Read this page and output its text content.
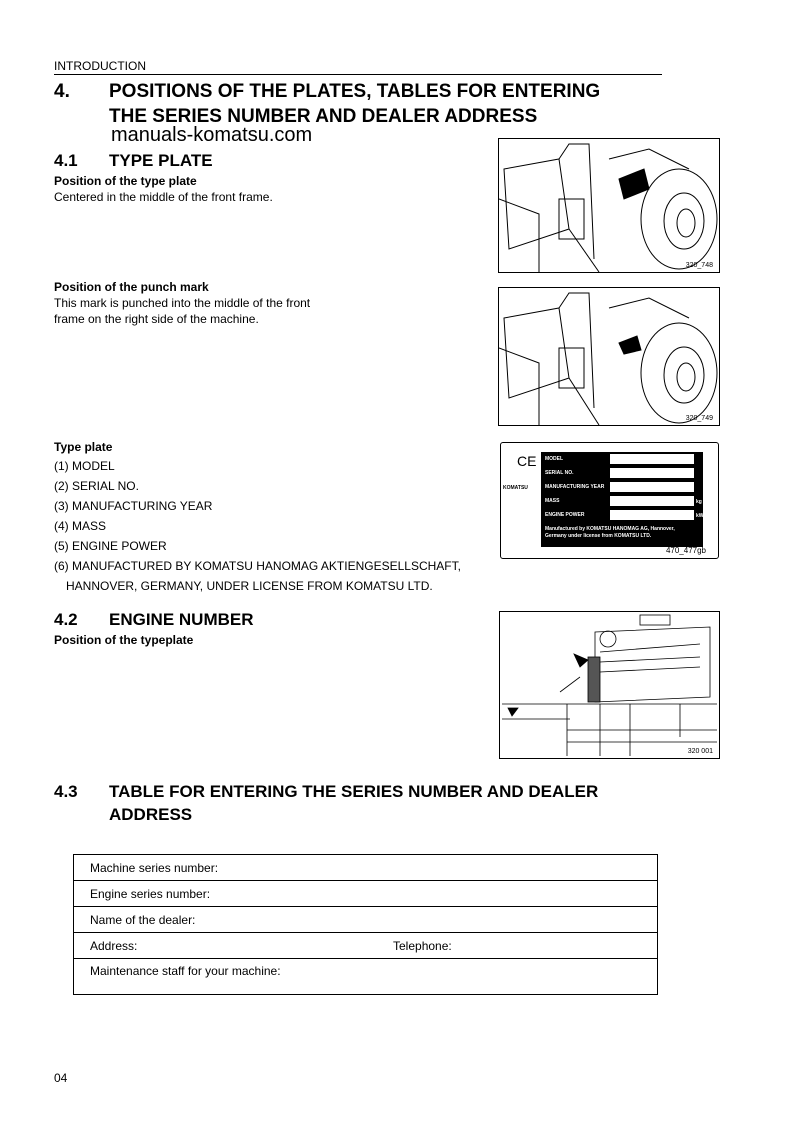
INTRODUCTION
4. POSITIONS OF THE PLATES, TABLES FOR ENTERING
THE SERIES NUMBER AND DEALER ADDRESS
manuals-komatsu.com
4.1 TYPE PLATE
Position of the type plate
Centered in the middle of the front frame.
Position of the punch mark
This mark is punched into the middle of the front
frame on the right side of the machine.
320_748
320_749
Type plate
(1) MODEL
(2) SERIAL NO.
(3) MANUFACTURING YEAR
(4) MASS
(5) ENGINE POWER
(6) MANUFACTURED BY KOMATSU HANOMAG AKTIENGESELLSCHAFT,
HANNOVER, GERMANY, UNDER LICENSE FROM KOMATSU LTD.
CE
KOMATSU
MODEL
SERIAL NO.
MANUFACTURING YEAR
MASS
ENGINE POWER
kg
kW
Manufactured by KOMATSU HANOMAG AG, Hannover, Germany under license from KOMATSU LTD.
470_477gb
4.2 ENGINE NUMBER
Position of the typeplate
320 001
4.3 TABLE FOR ENTERING THE SERIES NUMBER AND DEALER
ADDRESS
Machine series number:
Engine series number:
Name of the dealer:
Address:	Telephone:
Maintenance staff for your machine:
04
